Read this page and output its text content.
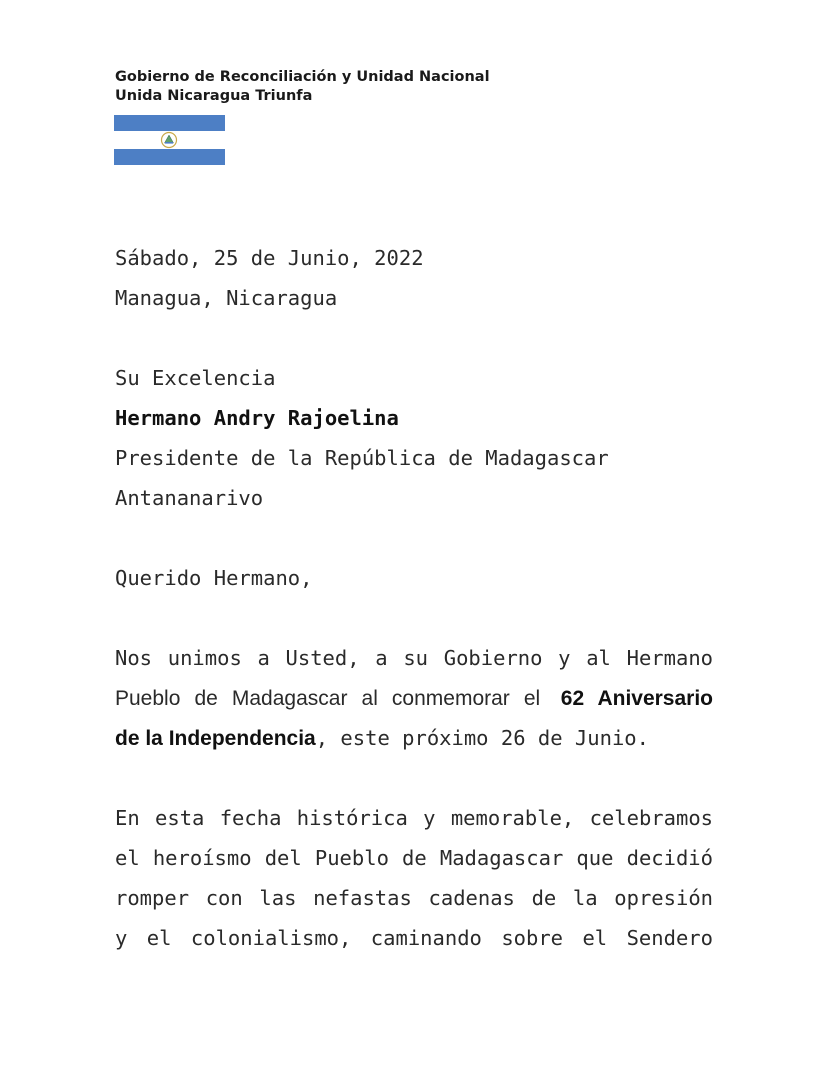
Gobierno de Reconciliación y Unidad Nacional
Unida Nicaragua Triunfa
Sábado, 25 de Junio, 2022
Managua, Nicaragua
Su Excelencia
Hermano Andry Rajoelina
Presidente de la República de Madagascar
Antananarivo
Querido Hermano,
Nos unimos a Usted, a su Gobierno y al Hermano
Pueblo de Madagascar al conmemorar el 62 Aniversario
de la Independencia, este próximo 26 de Junio.
En esta fecha histórica y memorable, celebramos
el heroísmo del Pueblo de Madagascar que decidió
romper con las nefastas cadenas de la opresión
y el colonialismo, caminando sobre el Sendero
